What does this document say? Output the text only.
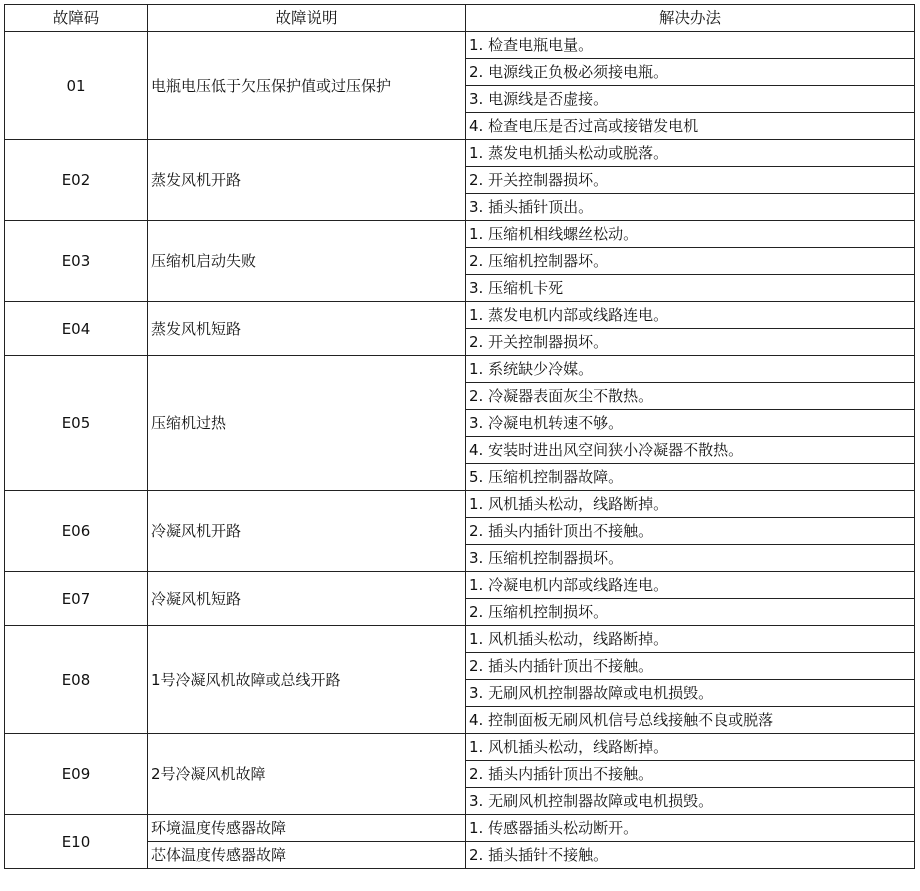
故障码	故障说明	解决办法
01	电瓶电压低于欠压保护值或过压保护	1. 检查电瓶电量。
		2. 电源线正负极必须接电瓶。
		3. 电源线是否虚接。
		4. 检查电压是否过高或接错发电机
E02	蒸发风机开路	1. 蒸发电机插头松动或脱落。
		2. 开关控制器损坏。
		3. 插头插针顶出。
E03	压缩机启动失败	1. 压缩机相线螺丝松动。
		2. 压缩机控制器坏。
		3. 压缩机卡死
E04	蒸发风机短路	1. 蒸发电机内部或线路连电。
		2. 开关控制器损坏。
E05	压缩机过热	1. 系统缺少冷媒。
		2. 冷凝器表面灰尘不散热。
		3. 冷凝电机转速不够。
		4. 安装时进出风空间狭小冷凝器不散热。
		5. 压缩机控制器故障。
E06	冷凝风机开路	1. 风机插头松动，线路断掉。
		2. 插头内插针顶出不接触。
		3. 压缩机控制器损坏。
E07	冷凝风机短路	1. 冷凝电机内部或线路连电。
		2. 压缩机控制损坏。
E08	1号冷凝风机故障或总线开路	1. 风机插头松动，线路断掉。
		2. 插头内插针顶出不接触。
		3. 无刷风机控制器故障或电机损毁。
		4. 控制面板无刷风机信号总线接触不良或脱落
E09	2号冷凝风机故障	1. 风机插头松动，线路断掉。
		2. 插头内插针顶出不接触。
		3. 无刷风机控制器故障或电机损毁。
E10	环境温度传感器故障	1. 传感器插头松动断开。
	芯体温度传感器故障	2. 插头插针不接触。
